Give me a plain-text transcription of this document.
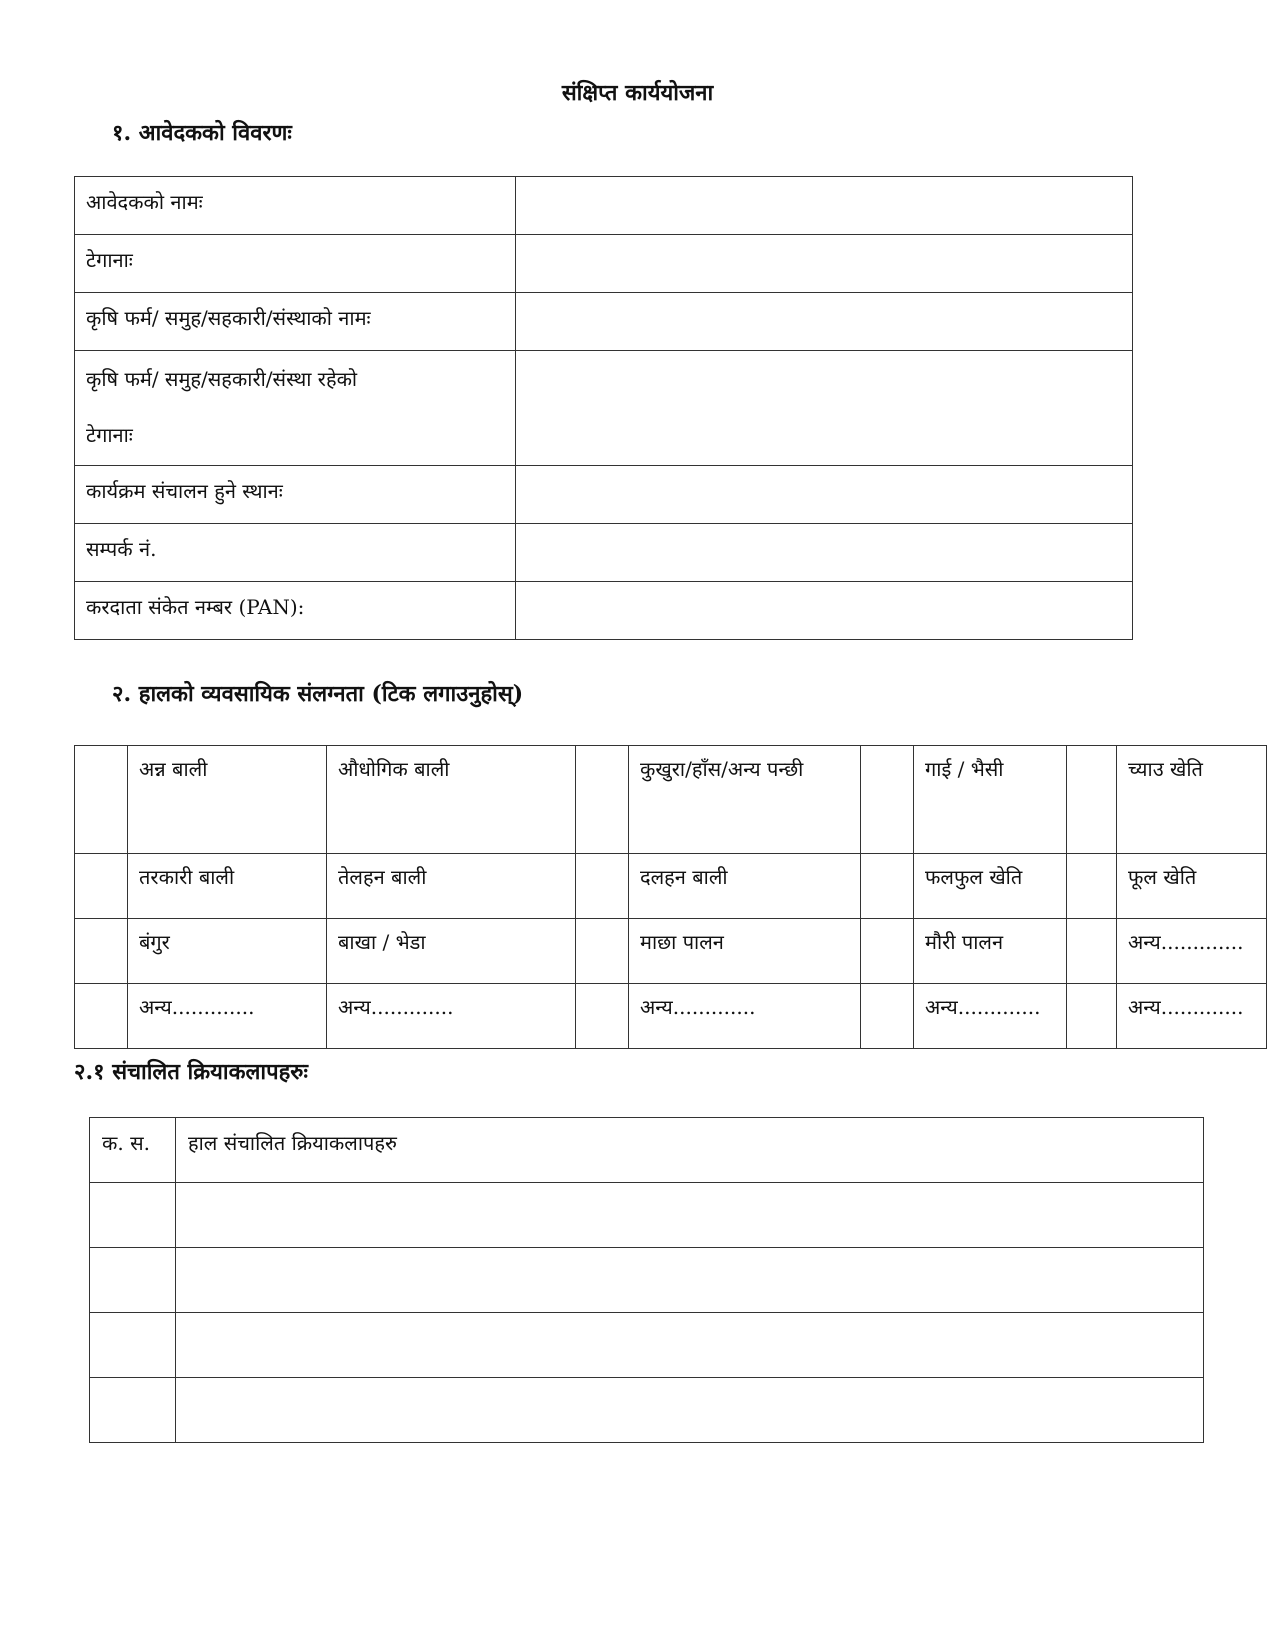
संक्षिप्त कार्ययोजना
१. आवेदकको विवरणः
आवेदकको नामः	
टेगानाः	
कृषि फर्म/ समुह/सहकारी/संस्थाको नामः	

कृषि फर्म/ समुह/सहकारी/संस्था रहेको
टेगानाः	

कार्यक्रम संचालन हुने स्थानः	
सम्पर्क नं.	
करदाता संकेत नम्बर (PAN):	
२. हालको व्यवसायिक संलग्नता (टिक लगाउनुहोस्)
	अन्न बाली	औधोगिक बाली		कुखुरा/हाँस/अन्य पन्छी		गाई / भैसी		च्याउ खेति
	तरकारी बाली	तेलहन बाली		दलहन बाली		फलफुल खेति		फूल खेति
	बंगुर	बाखा / भेडा		माछा पालन		मौरी पालन		अन्य.............
	अन्य.............	अन्य.............		अन्य.............		अन्य.............		अन्य.............
२.१ संचालित क्रियाकलापहरुः
क. स.	हाल संचालित क्रियाकलापहरु
